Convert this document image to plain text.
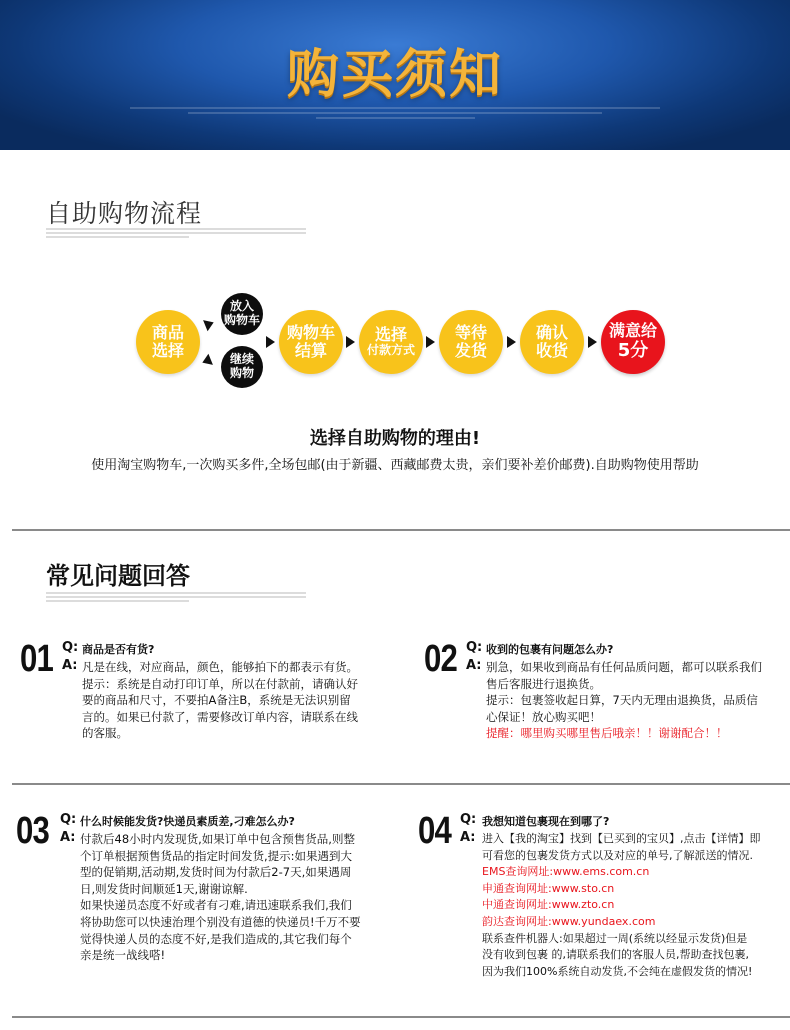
购买须知
自助购物流程
商品
选择
放入
购物车
继续
购物
购物车
结算
选择
付款方式
等待
发货
确认
收货
满意给
5分
选择自助购物的理由!
使用淘宝购物车,一次购买多件,全场包邮(由于新疆、西藏邮费太贵，亲们要补差价邮费).自助购物使用帮助
常见问题回答
01 Q: 商品是否有货?
A: 凡是在线，对应商品，颜色，能够拍下的都表示有货。

提示：系统是自动打印订单，所以在付款前，请确认好

要的商品和尺寸，不要拍A备注B，系统是无法识别留

言的。如果已付款了，需要修改订单内容，请联系在线

的客服。

02 Q: 收到的包裹有问题怎么办?
A: 别急，如果收到商品有任何品质问题，都可以联系我们

售后客服进行退换货。

提示：包裹签收起日算，7天内无理由退换货，品质信

心保证！放心购买吧！

提醒：哪里购买哪里售后哦亲！！谢谢配合！！

03 Q: 什么时候能发货?快递员素质差,刁难怎么办?
A: 付款后48小时内发现货,如果订单中包含预售货品,则整

个订单根据预售货品的指定时间发货,提示:如果遇到大

型的促销期,活动期,发货时间为付款后2-7天,如果遇周

日,则发货时间顺延1天,谢谢谅解.

如果快递员态度不好或者有刁难,请迅速联系我们,我们

将协助您可以快速治理个别没有道德的快递员!千万不要

觉得快递人员的态度不好,是我们造成的,其它我们每个

亲是统一战线嗒!

04 Q: 我想知道包裹现在到哪了?
A: 进入【我的淘宝】找到【已买到的宝贝】,点击【详情】即

可看您的包裹发货方式以及对应的单号,了解派送的情况.

EMS查询网址:www.ems.com.cn

申通查询网址:www.sto.cn

中通查询网址:www.zto.cn

韵达查询网址:www.yundaex.com

联系查件机器人:如果超过一周(系统以经显示发货)但是

没有收到包裹 的,请联系我们的客服人员,帮助查找包裹,

因为我们100%系统自动发货,不会纯在虚假发货的情况!
